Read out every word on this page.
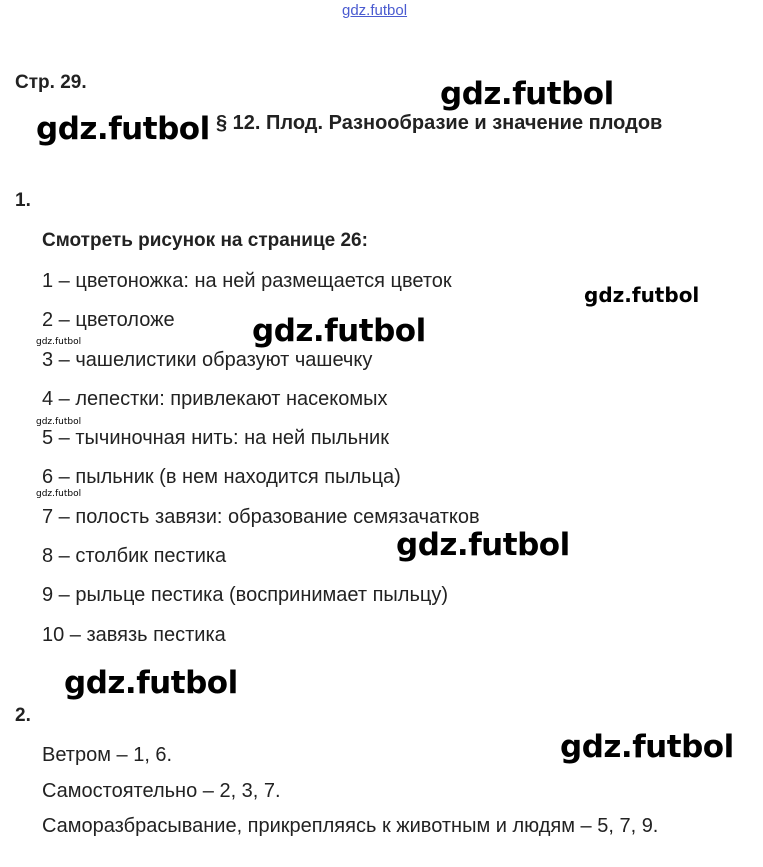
gdz.futbol
Стр. 29.
§ 12. Плод. Разнообразие и значение плодов
1.
Смотреть рисунок на странице 26:
1 – цветоножка: на ней размещается цветок
2 – цветоложе
3 – чашелистики образуют чашечку
4 – лепестки: привлекают насекомых
5 – тычиночная нить: на ней пыльник
6 – пыльник (в нем находится пыльца)
7 – полость завязи: образование семязачатков
8 – столбик пестика
9 – рыльце пестика (воспринимает пыльцу)
10 – завязь пестика
2.
Ветром – 1, 6.
Самостоятельно – 2, 3, 7.
Саморазбрасывание, прикрепляясь к животным и людям – 5, 7, 9.
gdz.futbol
gdz.futbol
gdz.futbol
gdz.futbol
gdz.futbol
gdz.futbol
gdz.futbol
gdz.futbol
gdz.futbol
gdz.futbol
